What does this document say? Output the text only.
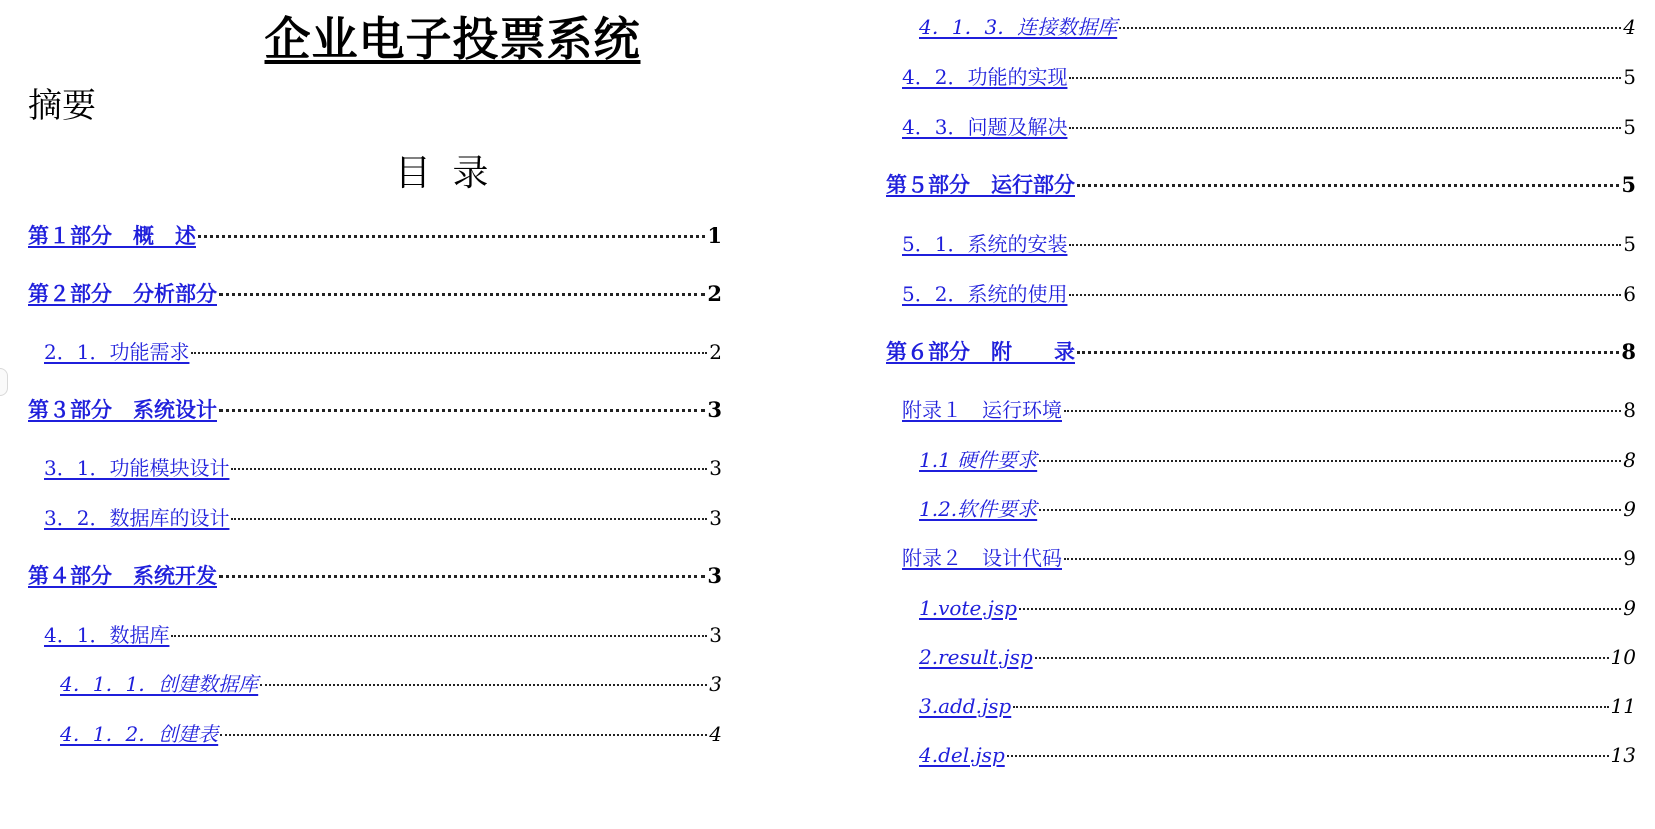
企业电子投票系统
摘要
目录
第１部分　概　述	1
第２部分　分析部分	2
2．1．功能需求	2
第３部分　系统设计	3
3．1．功能模块设计	3
3．2．数据库的设计	3
第４部分　系统开发	3
4．1．数据库	3
4．1．1．创建数据库	3
4．1．2．创建表	4
4．1．3．连接数据库	4
4．2．功能的实现	5
4．3．问题及解决	5
第５部分　运行部分	5
5．1．系统的安装	5
5．2．系统的使用	6
第６部分　附　　录	8
附录１　运行环境	8
1.1 硬件要求	8
1.2.软件要求	9
附录２　设计代码	9
1.vote.jsp	9
2.result.jsp	10
3.add.jsp	11
4.del.jsp	13
